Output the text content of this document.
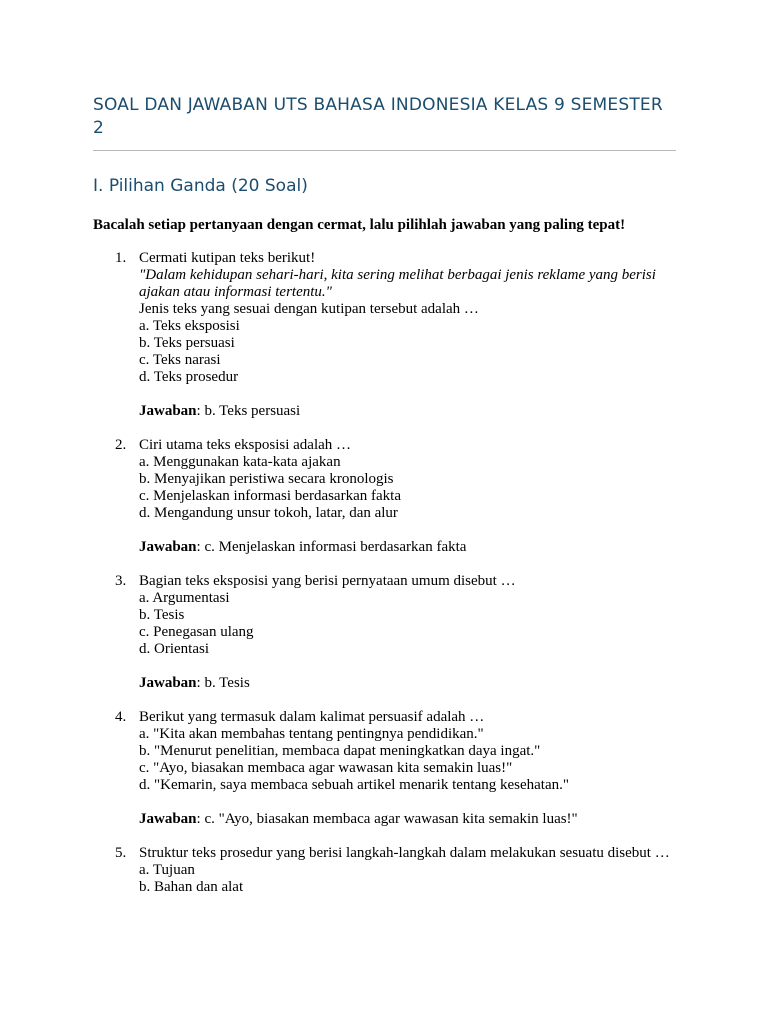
SOAL DAN JAWABAN UTS BAHASA INDONESIA KELAS 9 SEMESTER 2
I. Pilihan Ganda (20 Soal)
Bacalah setiap pertanyaan dengan cermat, lalu pilihlah jawaban yang paling tepat!
1. Cermati kutipan teks berikut!
"Dalam kehidupan sehari-hari, kita sering melihat berbagai jenis reklame yang berisi ajakan atau informasi tertentu."
Jenis teks yang sesuai dengan kutipan tersebut adalah …
a. Teks eksposisi
b. Teks persuasi
c. Teks narasi
d. Teks prosedur
Jawaban: b. Teks persuasi
2. Ciri utama teks eksposisi adalah …
a. Menggunakan kata-kata ajakan
b. Menyajikan peristiwa secara kronologis
c. Menjelaskan informasi berdasarkan fakta
d. Mengandung unsur tokoh, latar, dan alur
Jawaban: c. Menjelaskan informasi berdasarkan fakta
3. Bagian teks eksposisi yang berisi pernyataan umum disebut …
a. Argumentasi
b. Tesis
c. Penegasan ulang
d. Orientasi
Jawaban: b. Tesis
4. Berikut yang termasuk dalam kalimat persuasif adalah …
a. "Kita akan membahas tentang pentingnya pendidikan."
b. "Menurut penelitian, membaca dapat meningkatkan daya ingat."
c. "Ayo, biasakan membaca agar wawasan kita semakin luas!"
d. "Kemarin, saya membaca sebuah artikel menarik tentang kesehatan."
Jawaban: c. "Ayo, biasakan membaca agar wawasan kita semakin luas!"
5. Struktur teks prosedur yang berisi langkah-langkah dalam melakukan sesuatu disebut …
a. Tujuan
b. Bahan dan alat
